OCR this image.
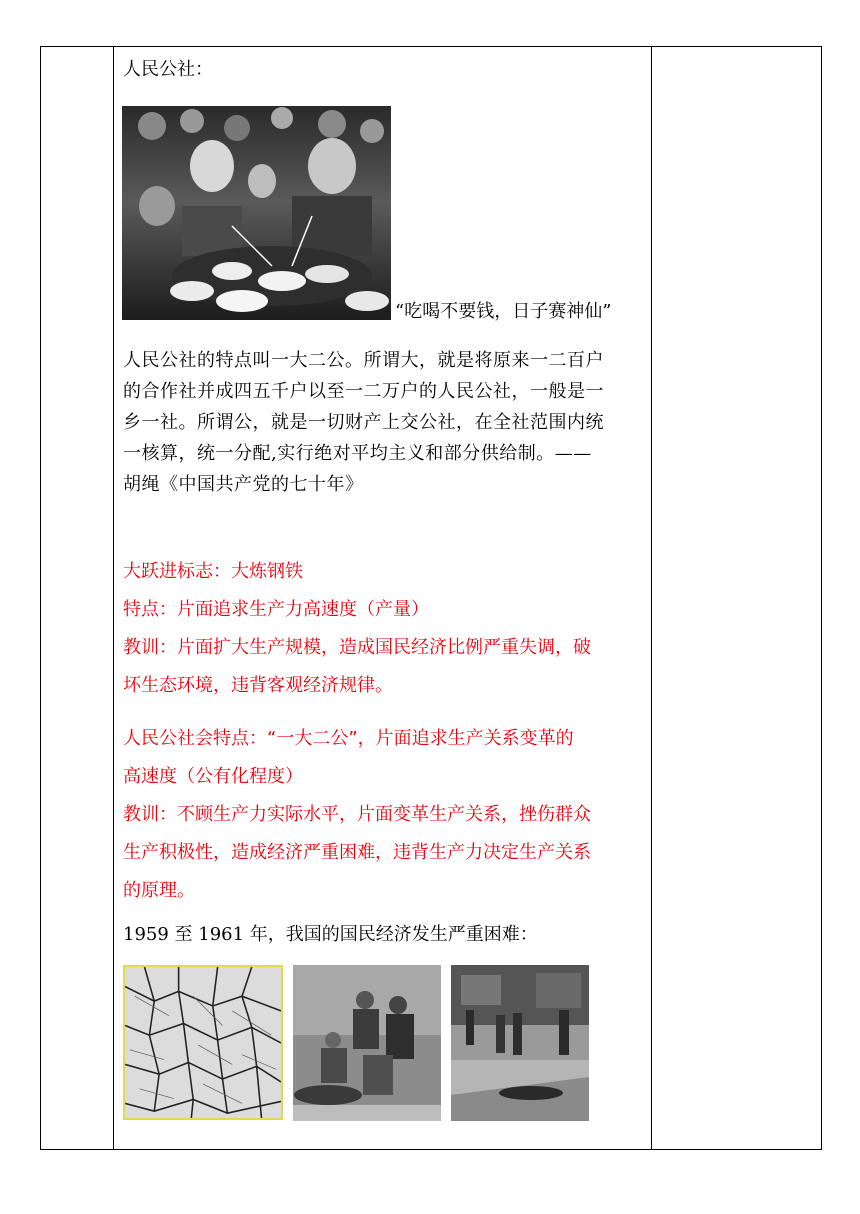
人民公社：
“吃喝不要钱，日子赛神仙”
人民公社的特点叫一大二公。所谓大，就是将原来一二百户
的合作社并成四五千户以至一二万户的人民公社，一般是一
乡一社。所谓公，就是一切财产上交公社，在全社范围内统
一核算，统一分配,实行绝对平均主义和部分供给制。——
胡绳《中国共产党的七十年》
大跃进标志：大炼钢铁
特点：片面追求生产力高速度（产量）
教训：片面扩大生产规模，造成国民经济比例严重失调，破
坏生态环境，违背客观经济规律。
人民公社会特点：“一大二公”，片面追求生产关系变革的
高速度（公有化程度）
教训：不顾生产力实际水平，片面变革生产关系，挫伤群众
生产积极性，造成经济严重困难，违背生产力决定生产关系
的原理。
1959 至 1961 年，我国的国民经济发生严重困难：
